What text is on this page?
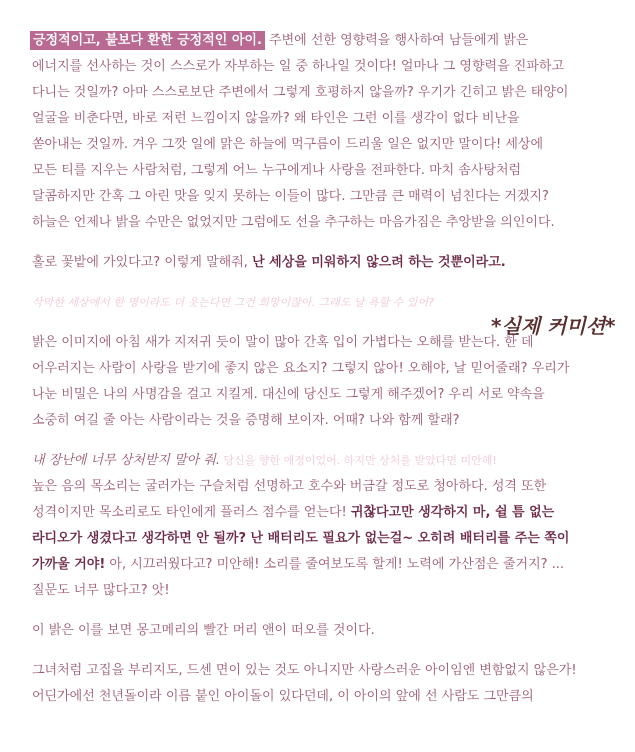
긍정적이고, 불보다 환한 긍정적인 아이. 주변에 선한 영향력을 행사하여 남들에게 밝은
에너지를 선사하는 것이 스스로가 자부하는 일 중 하나일 것이다! 얼마나 그 영향력을 진파하고
다니는 것일까? 아마 스스로보단 주변에서 그렇게 호평하지 않을까? 우기가 긴히고 밝은 태양이
얼굴을 비춘다면, 바로 저런 느낌이지 않을까? 왜 타인은 그런 이를 생각이 없다 비난을
쏟아내는 것일까. 겨우 그깟 일에 맑은 하늘에 먹구름이 드리울 일은 없지만 말이다! 세상에
모든 티를 지우는 사람처럼, 그렇게 어느 누구에게나 사랑을 전파한다. 마치 솜사탕처럼
달콤하지만 간혹 그 아린 맛을 잊지 못하는 이들이 많다. 그만큼 큰 매력이 넘친다는 거겠지?
하늘은 언제나 밝을 수만은 없었지만 그럼에도 선을 추구하는 마음가짐은 추앙받을 의인이다.

홀로 꽃밭에 가있다고? 이렇게 말해줘, 난 세상을 미워하지 않으려 하는 것뿐이라고.

삭막한 세상에서 한 명이라도 더 웃는다면 그건 희망이잖아. 그래도 날 욕할 수 있어?

밝은 이미지에 아침 새가 지저귀 듯이 말이 많아 간혹 입이 가볍다는 오해를 받는다. 한 데
어우러지는 사람이 사랑을 받기에 좋지 않은 요소지? 그렇지 않아! 오해야, 날 믿어줄래? 우리가
나눈 비밀은 나의 사명감을 걸고 지킬게. 대신에 당신도 그렇게 해주겠어? 우리 서로 약속을
소중히 여길 줄 아는 사람이라는 것을 증명해 보이자. 어때? 나와 함께 할래?

내 장난에 너무 상처받지 말아 줘. 당신을 향한 애정이었어. 하지만 상처를 받았다면 미안해!
높은 음의 목소리는 굴러가는 구슬처럼 선명하고 호수와 버금갈 정도로 청아하다. 성격 또한
성격이지만 목소리로도 타인에게 플러스 점수를 얻는다! 귀찮다고만 생각하지 마, 쉴 틈 없는
라디오가 생겼다고 생각하면 안 될까? 난 배터리도 필요가 없는걸~ 오히려 배터리를 주는 쪽이
가까울 거야! 아, 시끄러웠다고? 미안해! 소리를 줄여보도록 할게! 노력에 가산점은 줄거지? ...
질문도 너무 많다고? 앗!

이 밝은 이를 보면 몽고메리의 빨간 머리 앤이 떠오를 것이다.

그녀처럼 고집을 부리지도, 드센 면이 있는 것도 아니지만 사랑스러운 아이임엔 변함없지 않은가!
어딘가에선 천년돌이라 이름 붙인 아이돌이 있다던데, 이 아이의 앞에 선 사람도 그만큼의

*실제 커미션*
